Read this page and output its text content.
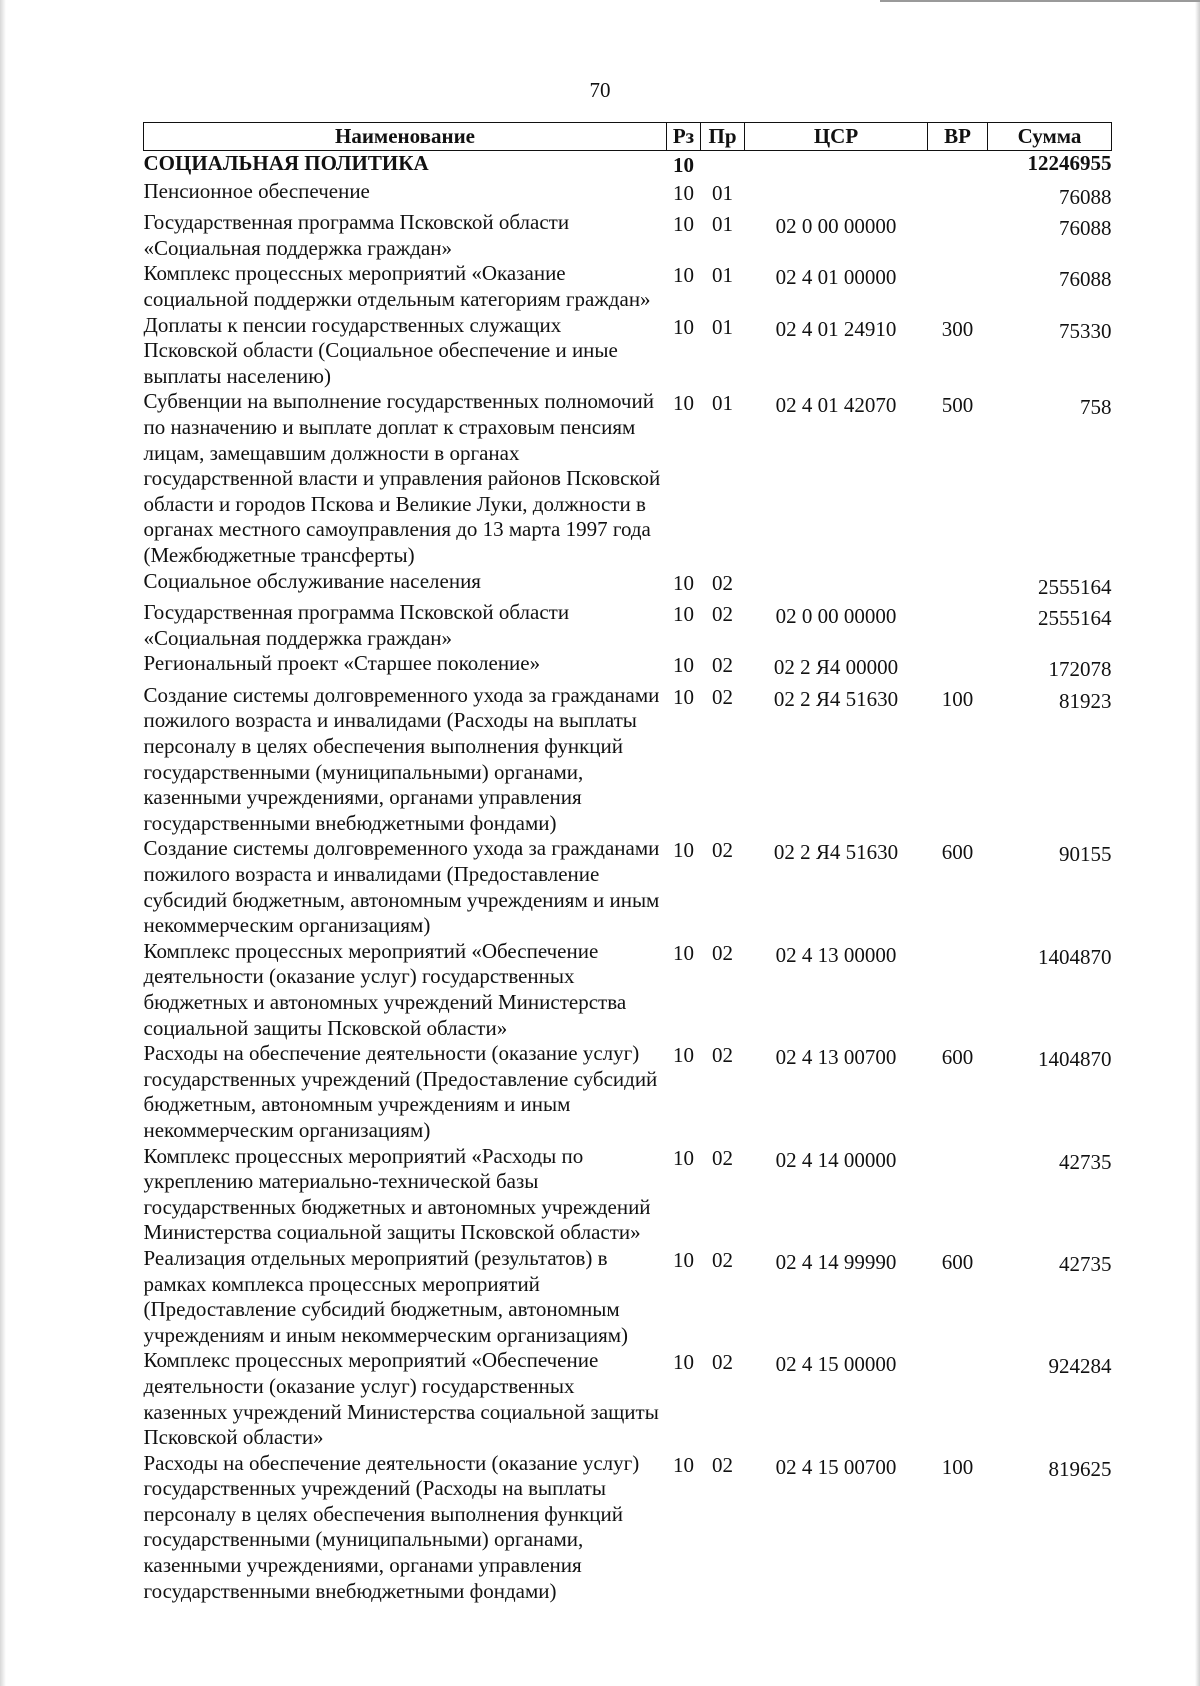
70
Наименование	Рз	Пр	ЦСР	ВР	Сумма
СОЦИАЛЬНАЯ ПОЛИТИКА	10				12246955
Пенсионное обеспечение	10	01			76088
Государственная программа Псковской области «Социальная поддержка граждан»	10	01	02 0 00 00000		76088
Комплекс процессных мероприятий «Оказание социальной поддержки отдельным категориям граждан»	10	01	02 4 01 00000		76088
Доплаты к пенсии государственных служащих Псковской области (Социальное обеспечение и иные выплаты населению)	10	01	02 4 01 24910	300	75330
Субвенции на выполнение государственных полномочий по назначению и выплате доплат к страховым пенсиям лицам, замещавшим должности в органах государственной власти и управления районов Псковской области и городов Пскова и Великие Луки, должности в органах местного самоуправления до 13 марта 1997 года (Межбюджетные трансферты)	10	01	02 4 01 42070	500	758
Социальное обслуживание населения	10	02			2555164
Государственная программа Псковской области «Социальная поддержка граждан»	10	02	02 0 00 00000		2555164
Региональный проект «Старшее поколение»	10	02	02 2 Я4 00000		172078
Создание системы долговременного ухода за гражданами пожилого возраста и инвалидами (Расходы на выплаты персоналу в целях обеспечения выполнения функций государственными (муниципальными) органами, казенными учреждениями, органами управления государственными внебюджетными фондами)	10	02	02 2 Я4 51630	100	81923
Создание системы долговременного ухода за гражданами пожилого возраста и инвалидами (Предоставление субсидий бюджетным, автономным учреждениям и иным некоммерческим организациям)	10	02	02 2 Я4 51630	600	90155
Комплекс процессных мероприятий «Обеспечение деятельности (оказание услуг) государственных бюджетных и автономных учреждений Министерства социальной защиты Псковской области»	10	02	02 4 13 00000		1404870
Расходы на обеспечение деятельности (оказание услуг) государственных учреждений (Предоставление субсидий бюджетным, автономным учреждениям и иным некоммерческим организациям)	10	02	02 4 13 00700	600	1404870
Комплекс процессных мероприятий «Расходы по укреплению материально-технической базы государственных бюджетных и автономных учреждений Министерства социальной защиты Псковской области»	10	02	02 4 14 00000		42735
Реализация отдельных мероприятий (результатов) в рамках комплекса процессных мероприятий (Предоставление субсидий бюджетным, автономным учреждениям и иным некоммерческим организациям)	10	02	02 4 14 99990	600	42735
Комплекс процессных мероприятий «Обеспечение деятельности (оказание услуг) государственных казенных учреждений Министерства социальной защиты Псковской области»	10	02	02 4 15 00000		924284
Расходы на обеспечение деятельности (оказание услуг) государственных учреждений (Расходы на выплаты персоналу в целях обеспечения выполнения функций государственными (муниципальными) органами, казенными учреждениями, органами управления государственными внебюджетными фондами)	10	02	02 4 15 00700	100	819625
